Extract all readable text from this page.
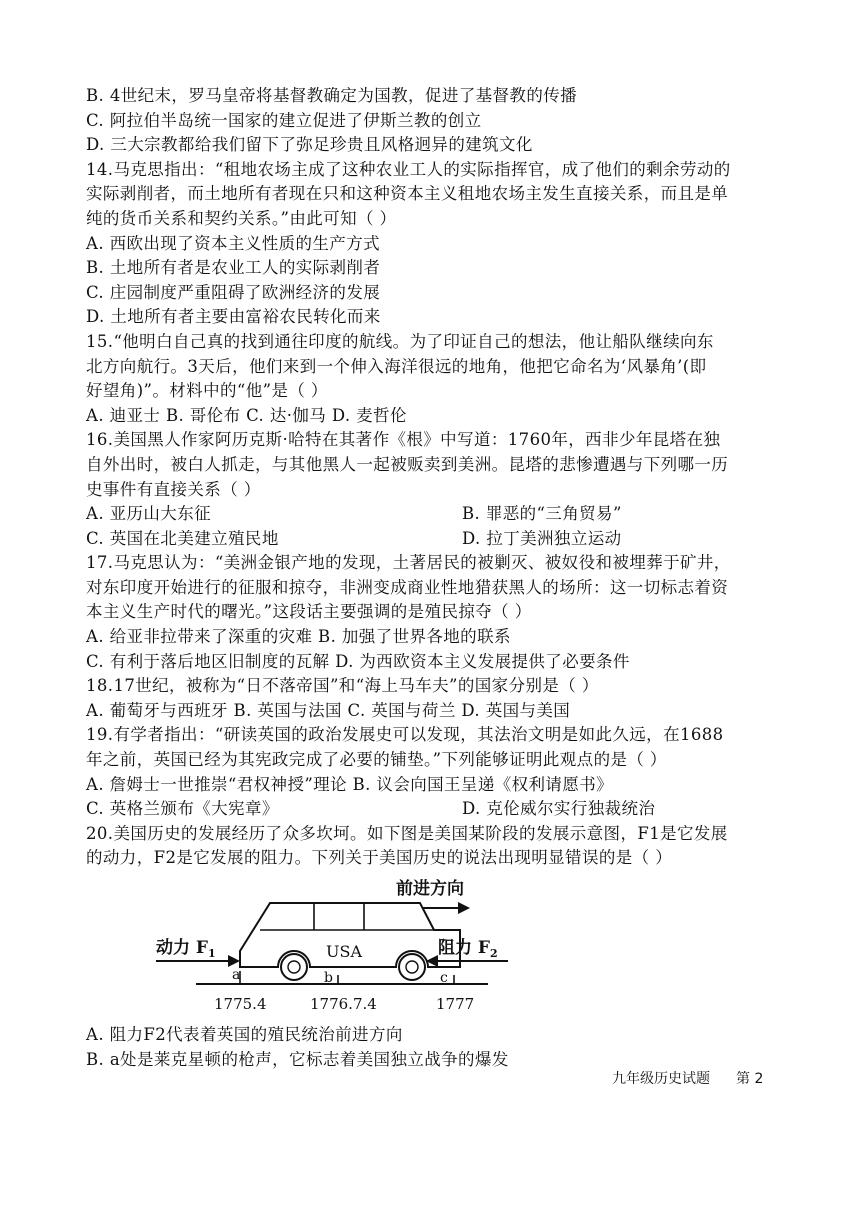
B. 4世纪末，罗马皇帝将基督教确定为国教，促进了基督教的传播
C. 阿拉伯半岛统一国家的建立促进了伊斯兰教的创立
D. 三大宗教都给我们留下了弥足珍贵且风格迥异的建筑文化
14.马克思指出：“租地农场主成了这种农业工人的实际指挥官，成了他们的剩余劳动的
实际剥削者，而土地所有者现在只和这种资本主义租地农场主发生直接关系，而且是单
纯的货币关系和契约关系。”由此可知（ ）
A. 西欧出现了资本主义性质的生产方式
B. 土地所有者是农业工人的实际剥削者
C. 庄园制度严重阻碍了欧洲经济的发展
D. 土地所有者主要由富裕农民转化而来
15.“他明白自己真的找到通往印度的航线。为了印证自己的想法，他让船队继续向东
北方向航行。3天后，他们来到一个伸入海洋很远的地角，他把它命名为‘风暴角’(即
好望角)”。材料中的“他”是（ ）
A. 迪亚士 B. 哥伦布 C. 达·伽马 D. 麦哲伦
16.美国黑人作家阿历克斯·哈特在其著作《根》中写道：1760年，西非少年昆塔在独
自外出时，被白人抓走，与其他黑人一起被贩卖到美洲。昆塔的悲惨遭遇与下列哪一历
史事件有直接关系（ ）
A. 亚历山大东征	B. 罪恶的“三角贸易”
C. 英国在北美建立殖民地	D. 拉丁美洲独立运动
17.马克思认为：“美洲金银产地的发现，土著居民的被剿灭、被奴役和被埋葬于矿井，
对东印度开始进行的征服和掠夺，非洲变成商业性地猎获黑人的场所：这一切标志着资
本主义生产时代的曙光。”这段话主要强调的是殖民掠夺（ ）
A. 给亚非拉带来了深重的灾难 B. 加强了世界各地的联系
C. 有利于落后地区旧制度的瓦解 D. 为西欧资本主义发展提供了必要条件
18.17世纪，被称为“日不落帝国”和“海上马车夫”的国家分别是（ ）
A. 葡萄牙与西班牙 B. 英国与法国 C. 英国与荷兰 D. 英国与美国
19.有学者指出：“研读英国的政治发展史可以发现，其法治文明是如此久远，在1688
年之前，英国已经为其宪政完成了必要的铺垫。”下列能够证明此观点的是（ ）
A. 詹姆士一世推崇“君权神授”理论 B. 议会向国王呈递《权利请愿书》
C. 英格兰颁布《大宪章》	D. 克伦威尔实行独裁统治
20.美国历史的发展经历了众多坎坷。如下图是美国某阶段的发展示意图，F1是它发展
的动力，F2是它发展的阻力。下列关于美国历史的说法出现明显错误的是（ ）
前进方向
USA
动力 $F_1$	阻力 $F_2$
a	b	c
1775.4	1776.7.4	1777
A. 阻力F2代表着英国的殖民统治前进方向
B. a处是莱克星顿的枪声，它标志着美国独立战争的爆发
九年级历史试题 第 2
